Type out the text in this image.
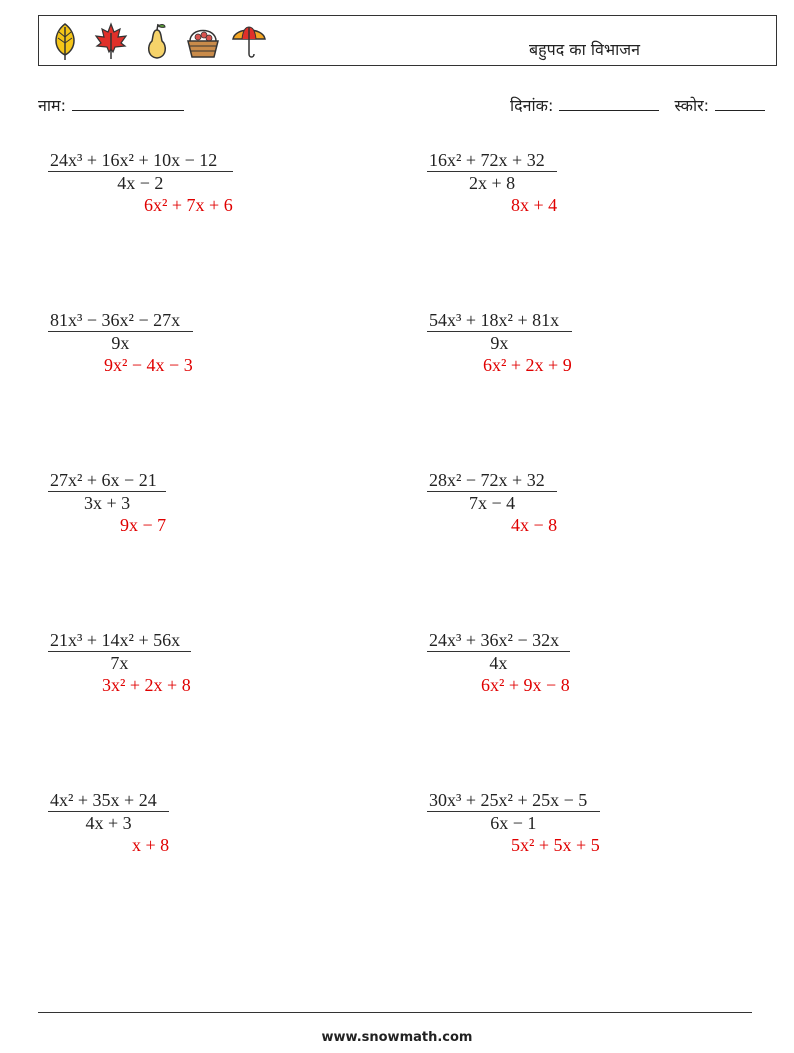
बहुपद का विभाजन
नाम:	दिनांक:	स्कोर:
24x³ + 16x² + 10x − 12
4x − 2
6x² + 7x + 6
16x² + 72x + 32
2x + 8
8x + 4
81x³ − 36x² − 27x
9x
9x² − 4x − 3
54x³ + 18x² + 81x
9x
6x² + 2x + 9
27x² + 6x − 21
3x + 3
9x − 7
28x² − 72x + 32
7x − 4
4x − 8
21x³ + 14x² + 56x
7x
3x² + 2x + 8
24x³ + 36x² − 32x
4x
6x² + 9x − 8
4x² + 35x + 24
4x + 3
x + 8
30x³ + 25x² + 25x − 5
6x − 1
5x² + 5x + 5
www.snowmath.com
